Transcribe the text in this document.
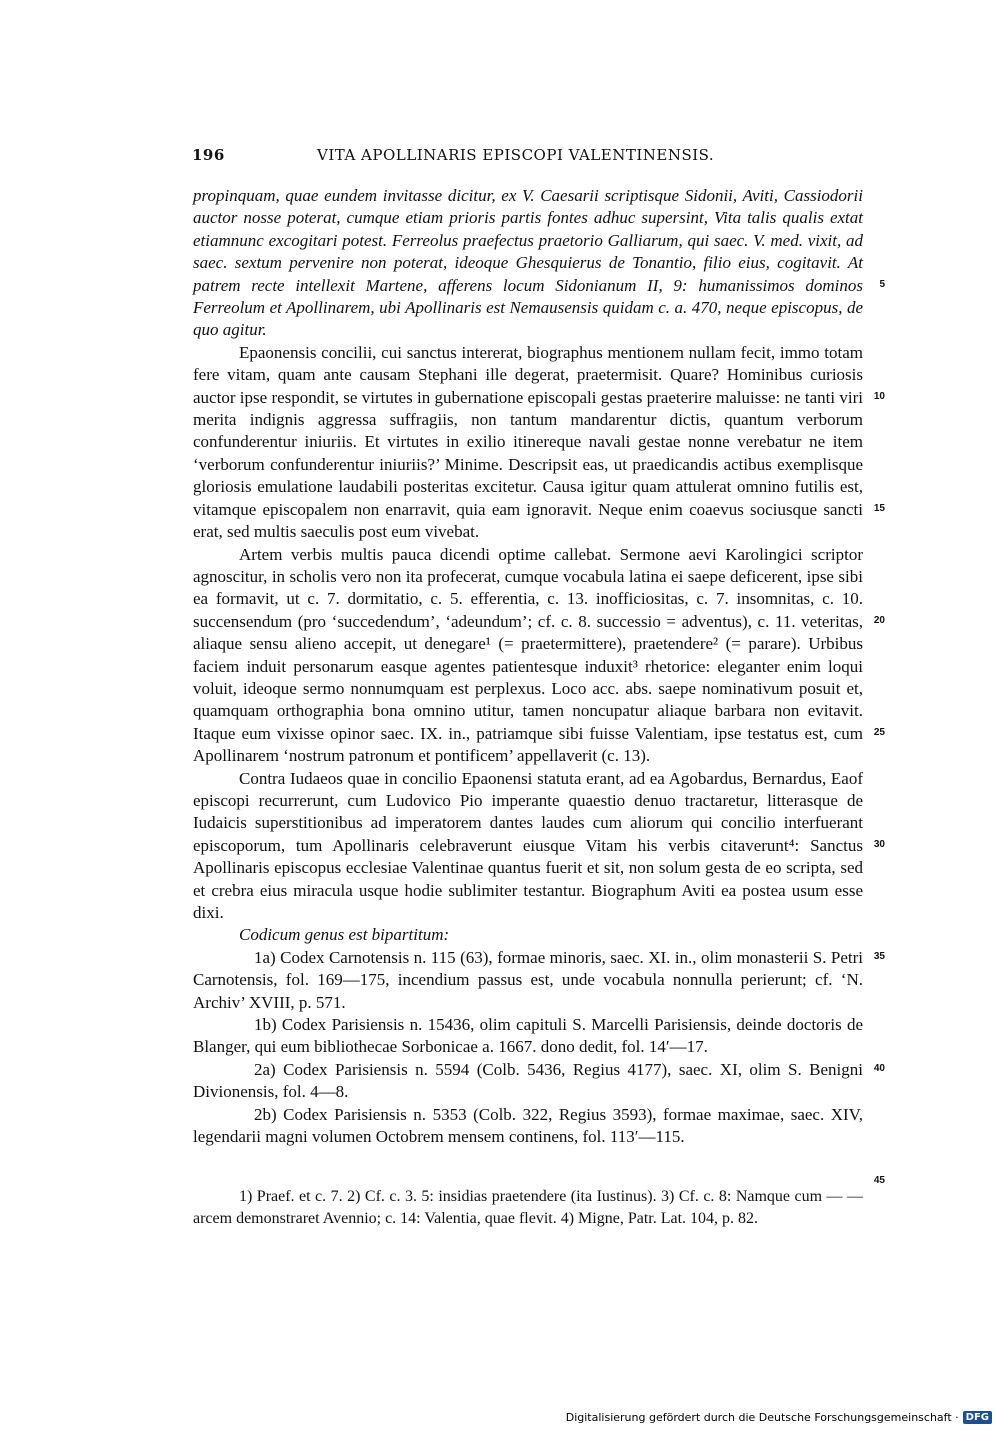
196	VITA APOLLINARIS EPISCOPI VALENTINENSIS.

propinquam, quae eundem invitasse dicitur, ex V. Caesarii scriptisque Sidonii, Aviti, Cassiodorii auctor nosse poterat, cumque etiam prioris partis fontes adhuc supersint, Vita talis qualis extat etiamnunc excogitari potest. Ferreolus praefectus praetorio Galliarum, qui saec. V. med. vixit, ad saec. sextum pervenire non poterat, ideoque Ghesquierus de Tonantio, filio eius, cogitavit. At patrem recte intellexit Martene, afferens locum Sidonianum II, 9: humanissimos dominos Ferreolum et Apollinarem, ubi Apollinaris est Nemausensis quidam c. a. 470, neque episcopus, de quo agitur.

Epaonensis concilii, cui sanctus intererat, biographus mentionem nullam fecit, immo totam fere vitam, quam ante causam Stephani ille degerat, praetermisit. Quare? Hominibus curiosis auctor ipse respondit, se virtutes in gubernatione episcopali gestas praeterire maluisse: ne tanti viri merita indignis aggressa suffragiis, non tantum mandarentur dictis, quantum verborum confunderentur iniuriis. Et virtutes in exilio itinereque navali gestae nonne verebatur ne item ‘verborum confunderentur iniuriis?’ Minime. Descripsit eas, ut praedicandis actibus exemplisque gloriosis emulatione laudabili posteritas excitetur. Causa igitur quam attulerat omnino futilis est, vitamque episcopalem non enarravit, quia eam ignoravit. Neque enim coaevus sociusque sancti erat, sed multis saeculis post eum vivebat.

Artem verbis multis pauca dicendi optime callebat. Sermone aevi Karolingici scriptor agnoscitur, in scholis vero non ita profecerat, cumque vocabula latina ei saepe deficerent, ipse sibi ea formavit, ut c. 7. dormitatio, c. 5. efferentia, c. 13. inofficiositas, c. 7. insomnitas, c. 10. succensendum (pro ‘succedendum’, ‘adeundum’; cf. c. 8. successio = adventus), c. 11. veteritas, aliaque sensu alieno accepit, ut denegare¹ (= praetermittere), praetendere² (= parare). Urbibus faciem induit personarum easque agentes patientesque induxit³ rhetorice: eleganter enim loqui voluit, ideoque sermo nonnumquam est perplexus. Loco acc. abs. saepe nominativum posuit et, quamquam orthographia bona omnino utitur, tamen noncupatur aliaque barbara non evitavit. Itaque eum vixisse opinor saec. IX. in., patriamque sibi fuisse Valentiam, ipse testatus est, cum Apollinarem ‘nostrum patronum et pontificem’ appellaverit (c. 13).

Contra Iudaeos quae in concilio Epaonensi statuta erant, ad ea Agobardus, Bernardus, Eaof episcopi recurrerunt, cum Ludovico Pio imperante quaestio denuo tractaretur, litterasque de Iudaicis superstitionibus ad imperatorem dantes laudes cum aliorum qui concilio interfuerant episcoporum, tum Apollinaris celebraverunt eiusque Vitam his verbis citaverunt⁴: Sanctus Apollinaris episcopus ecclesiae Valentinae quantus fuerit et sit, non solum gesta de eo scripta, sed et crebra eius miracula usque hodie sublimiter testantur. Biographum Aviti ea postea usum esse dixi.

Codicum genus est bipartitum:

1a) Codex Carnotensis n. 115 (63), formae minoris, saec. XI. in., olim monasterii S. Petri Carnotensis, fol. 169—175, incendium passus est, unde vocabula nonnulla perierunt; cf. ‘N. Archiv’ XVIII, p. 571.

1b) Codex Parisiensis n. 15436, olim capituli S. Marcelli Parisiensis, deinde doctoris de Blanger, qui eum bibliothecae Sorbonicae a. 1667. dono dedit, fol. 14′—17.

2a) Codex Parisiensis n. 5594 (Colb. 5436, Regius 4177), saec. XI, olim S. Benigni Divionensis, fol. 4—8.

2b) Codex Parisiensis n. 5353 (Colb. 322, Regius 3593), formae maximae, saec. XIV, legendarii magni volumen Octobrem mensem continens, fol. 113′—115.

5
10
15
20
25
30
35
40
45

1) Praef. et c. 7. 2) Cf. c. 3. 5: insidias praetendere (ita Iustinus). 3) Cf. c. 8: Namque cum — — arcem demonstraret Avennio; c. 14: Valentia, quae flevit. 4) Migne, Patr. Lat. 104, p. 82.

Digitalisierung gefördert durch die Deutsche Forschungsgemeinschaft · DFG
